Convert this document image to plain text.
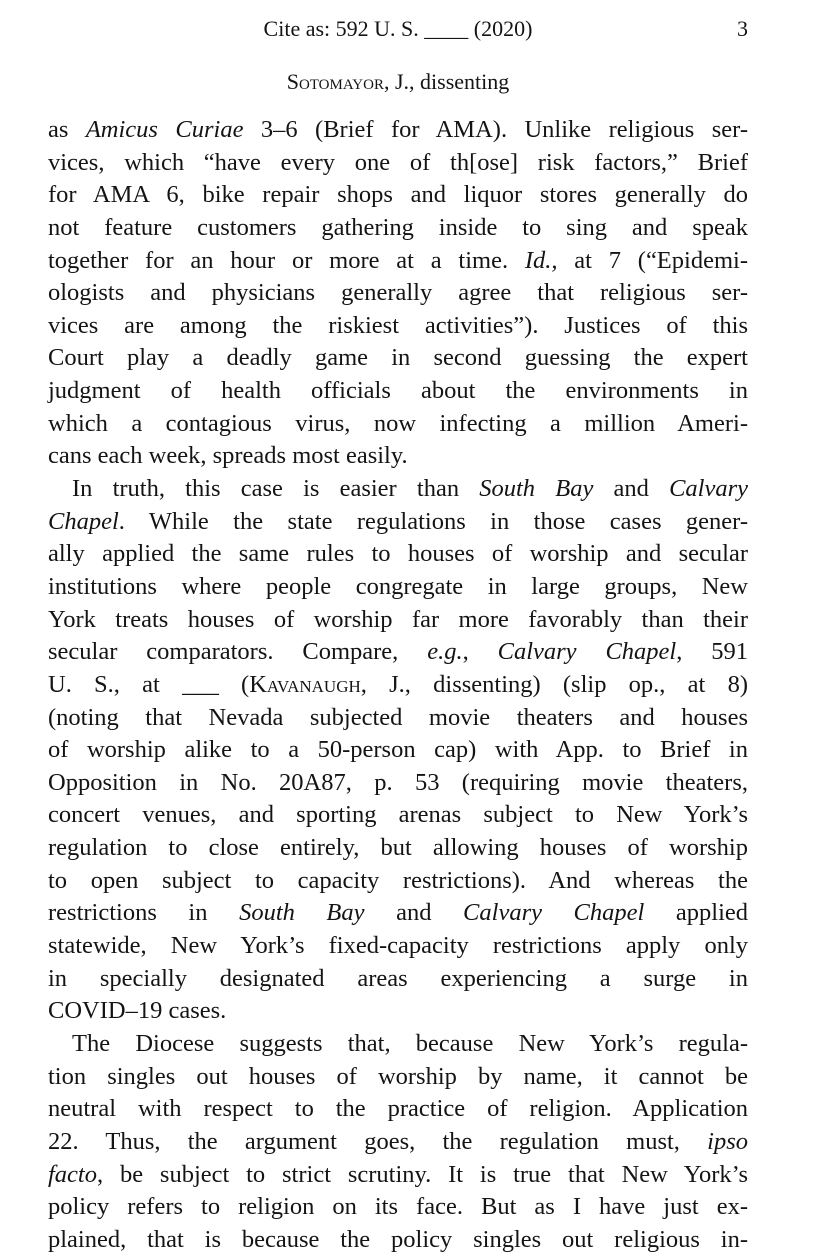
Cite as: 592 U. S. ____ (2020)	3
Sotomayor, J., dissenting
as Amicus Curiae 3–6 (Brief for AMA). Unlike religious ser-
vices, which “have every one of th[ose] risk factors,” Brief
for AMA 6, bike repair shops and liquor stores generally do
not feature customers gathering inside to sing and speak
together for an hour or more at a time. Id., at 7 (“Epidemi-
ologists and physicians generally agree that religious ser-
vices are among the riskiest activities”). Justices of this
Court play a deadly game in second guessing the expert
judgment of health officials about the environments in
which a contagious virus, now infecting a million Ameri-
cans each week, spreads most easily.
In truth, this case is easier than South Bay and Calvary
Chapel. While the state regulations in those cases gener-
ally applied the same rules to houses of worship and secular
institutions where people congregate in large groups, New
York treats houses of worship far more favorably than their
secular comparators. Compare, e.g., Calvary Chapel, 591
U. S., at ___ (Kavanaugh, J., dissenting) (slip op., at 8)
(noting that Nevada subjected movie theaters and houses
of worship alike to a 50-person cap) with App. to Brief in
Opposition in No. 20A87, p. 53 (requiring movie theaters,
concert venues, and sporting arenas subject to New York’s
regulation to close entirely, but allowing houses of worship
to open subject to capacity restrictions). And whereas the
restrictions in South Bay and Calvary Chapel applied
statewide, New York’s fixed-capacity restrictions apply only
in specially designated areas experiencing a surge in
COVID–19 cases.
The Diocese suggests that, because New York’s regula-
tion singles out houses of worship by name, it cannot be
neutral with respect to the practice of religion. Application
22. Thus, the argument goes, the regulation must, ipso
facto, be subject to strict scrutiny. It is true that New York’s
policy refers to religion on its face. But as I have just ex-
plained, that is because the policy singles out religious in-
